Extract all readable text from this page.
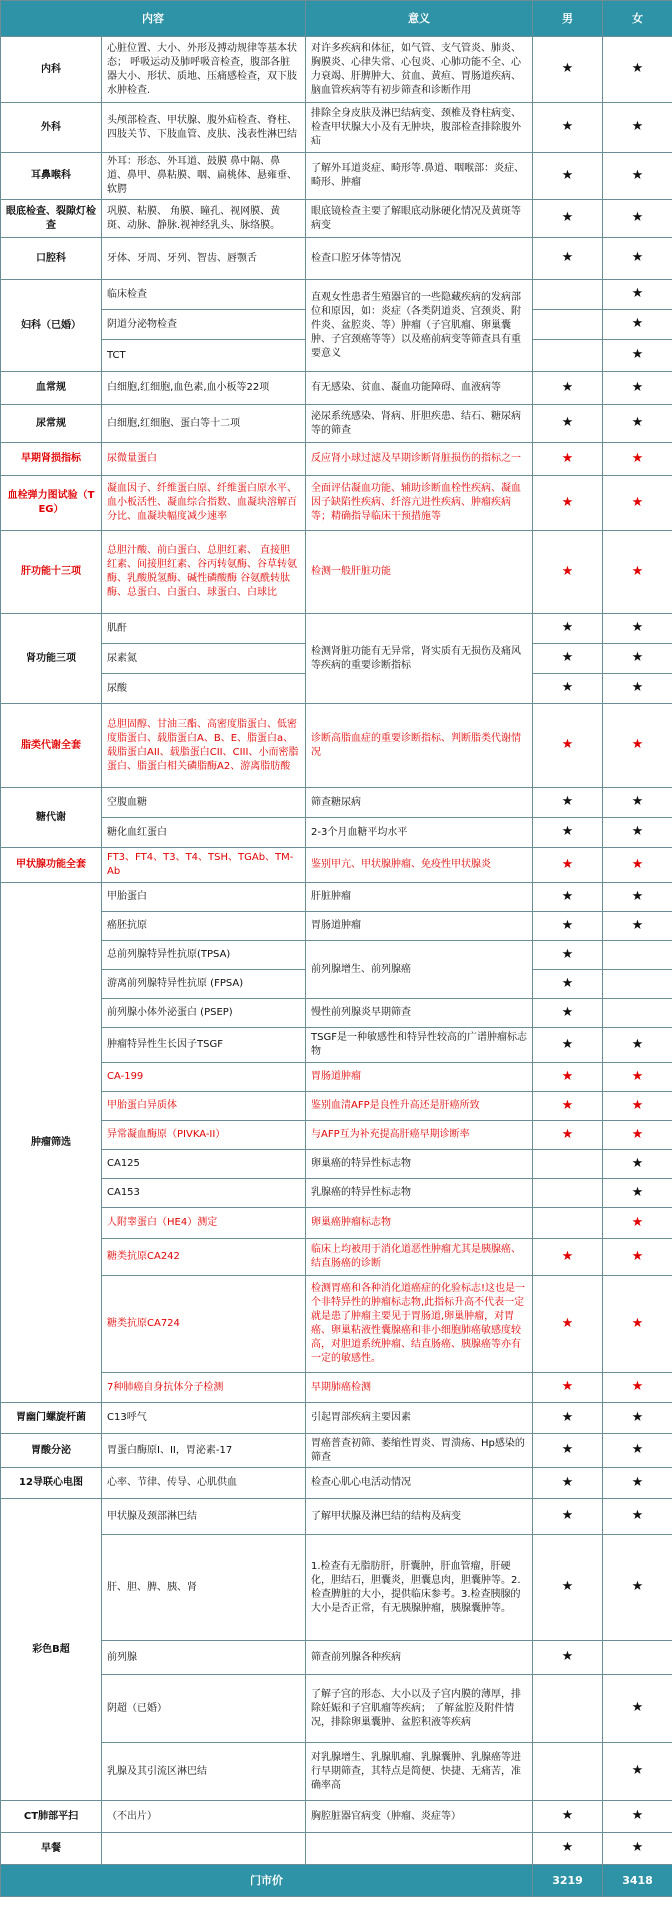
内容		意义	男	女
内科	心脏位置、大小、外形及搏动规律等基本状态； 呼吸运动及肺呼吸音检查，腹部各脏器大小、形状、质地、压痛感检查，双下肢水肿检查.	对许多疾病和体征，如气管、支气管炎、肺炎、胸膜炎、心律失常、心包炎、心肺功能不全、心力衰竭、肝脾肿大、贫血、黄疸、胃肠道疾病、脑血管疾病等有初步筛查和诊断作用	★	★
外科	头颅部检查、甲状腺、腹外疝检查、脊柱、四肢关节、下肢血管、皮肤、浅表性淋巴结	排除全身皮肤及淋巴结病变、颈椎及脊柱病变、检查甲状腺大小及有无肿块，腹部检查排除腹外疝	★	★
耳鼻喉科	外耳：形态、外耳道、鼓膜 鼻中隔、鼻道、鼻甲、鼻粘膜、咽、扁桃体、悬雍垂、软腭	了解外耳道炎症、畸形等.鼻道、咽喉部：炎症、畸形、肿瘤	★	★
眼底检查、裂隙灯检查	巩膜、粘膜、 角膜、瞳孔、视网膜、黄斑、动脉、静脉.视神经乳头、脉络膜。	眼底镜检查主要了解眼底动脉硬化情况及黄斑等病变	★	★
口腔科	牙体、牙周、牙列、智齿、唇颚舌	检查口腔牙体等情况	★	★
妇科（已婚）	临床检查	直观女性患者生殖器官的一些隐藏疾病的发病部位和原因，如：炎症（各类阴道炎、宫颈炎、附件炎、盆腔炎、等）肿瘤（子宫肌瘤、卵巢囊肿、子宫颈癌等等）以及癌前病变等筛查具有重要意义		★
	阴道分泌物检查			★
	TCT			★
血常规	白细胞,红细胞,血色素,血小板等22项	有无感染、贫血、凝血功能障碍、血液病等	★	★
尿常规	白细胞,红细胞、蛋白等十二项	泌尿系统感染、肾病、肝胆疾患、结石、糖尿病等的筛查	★	★
早期肾损指标	尿微量蛋白	反应肾小球过滤及早期诊断肾脏损伤的指标之一	★	★
血栓弹力图试验（TEG）	凝血因子、纤维蛋白原、纤维蛋白原水平、血小板活性、凝血综合指数、血凝块溶解百分比、血凝块幅度减少速率	全面评估凝血功能、辅助诊断血栓性疾病、凝血因子缺陷性疾病、纤溶亢进性疾病、肿瘤疾病等；精确指导临床干预措施等	★	★
肝功能十三项	总胆汁酸、前白蛋白、总胆红素、 直接胆红素、间接胆红素、谷丙转氨酶、谷草转氨酶、乳酸脱氢酶、碱性磷酸酶 谷氨酰转肽酶、总蛋白、白蛋白、球蛋白、白球比	检测一般肝脏功能	★	★
肾功能三项	肌酐	检测肾脏功能有无异常，肾实质有无损伤及痛风等疾病的重要诊断指标	★	★
	尿素氮		★	★
	尿酸		★	★
脂类代谢全套	总胆固醇、甘油三酯、高密度脂蛋白、低密度脂蛋白、载脂蛋白A、B、E、脂蛋白a、载脂蛋白AII、载脂蛋白CII、CIII、小而密脂蛋白、脂蛋白相关磷脂酶A2、游离脂肪酸	诊断高脂血症的重要诊断指标、判断脂类代谢情况	★	★
糖代谢	空腹血糖	筛查糖尿病	★	★
	糖化血红蛋白	2-3个月血糖平均水平	★	★
甲状腺功能全套	FT3、FT4、T3、T4、TSH、TGAb、TM-Ab	鉴别甲亢、甲状腺肿瘤、免疫性甲状腺炎	★	★
肿瘤筛选	甲胎蛋白	肝脏肿瘤	★	★
	癌胚抗原	胃肠道肿瘤	★	★
	总前列腺特异性抗原(TPSA)	前列腺增生、前列腺癌	★	
	游离前列腺特异性抗原 (FPSA)		★	
	前列腺小体外泌蛋白 (PSEP)	慢性前列腺炎早期筛查	★	
	肿瘤特异性生长因子TSGF	TSGF是一种敏感性和特异性较高的广谱肿瘤标志物	★	★
	CA-199	胃肠道肿瘤	★	★
	甲胎蛋白异质体	鉴别血清AFP是良性升高还是肝癌所致	★	★
	异常凝血酶原（PIVKA-II）	与AFP互为补充提高肝癌早期诊断率	★	★
	CA125	卵巢癌的特异性标志物		★
	CA153	乳腺癌的特异性标志物		★
	人附睾蛋白（HE4）测定	卵巢癌肿瘤标志物		★
	糖类抗原CA242	临床上均被用于消化道恶性肿瘤尤其是胰腺癌、结直肠癌的诊断	★	★
	糖类抗原CA724	检测胃癌和各种消化道癌症的化验标志!这也是一个非特异性的肿瘤标志物,此指标升高不代表一定就是患了肿瘤主要见于胃肠道,卵巢肿瘤，对胃癌、卵巢粘液性囊腺癌和非小细胞肺癌敏感度较高，对胆道系统肿瘤、结直肠癌、胰腺癌等亦有一定的敏感性。	★	★
	7种肺癌自身抗体分子检测	早期肺癌检测	★	★
胃幽门螺旋杆菌	C13呼气	引起胃部疾病主要因素	★	★
胃酸分泌	胃蛋白酶原I、II，胃泌素-17	胃癌普查初筛、萎缩性胃炎、胃溃疡、Hp感染的筛查	★	★
12导联心电图	心率、节律、传导、心肌供血	检查心肌心电活动情况	★	★
彩色B超	甲状腺及颈部淋巴结	了解甲状腺及淋巴结的结构及病变	★	★
	肝、胆、脾、胰、肾	1.检查有无脂肪肝，肝囊肿，肝血管瘤，肝硬化，胆结石，胆囊炎，胆囊息肉，胆囊肿等。2.检查脾脏的大小，提供临床参考。3.检查胰腺的大小是否正常，有无胰腺肿瘤，胰腺囊肿等。	★	★
	前列腺	筛查前列腺各种疾病	★	
	阴超（已婚）	了解子宫的形态、大小以及子宫内膜的薄厚，排除妊娠和子宫肌瘤等疾病； 了解盆腔及附件情况，排除卵巢囊肿、盆腔积液等疾病		★
	乳腺及其引流区淋巴结	对乳腺增生、乳腺肌瘤、乳腺囊肿、乳腺癌等进行早期筛查，其特点是简便、快捷、无痛苦，准确率高		★
CT肺部平扫	（不出片）	胸腔脏器官病变（肿瘤、炎症等）	★	★
早餐			★	★
门市价			3219	3418
